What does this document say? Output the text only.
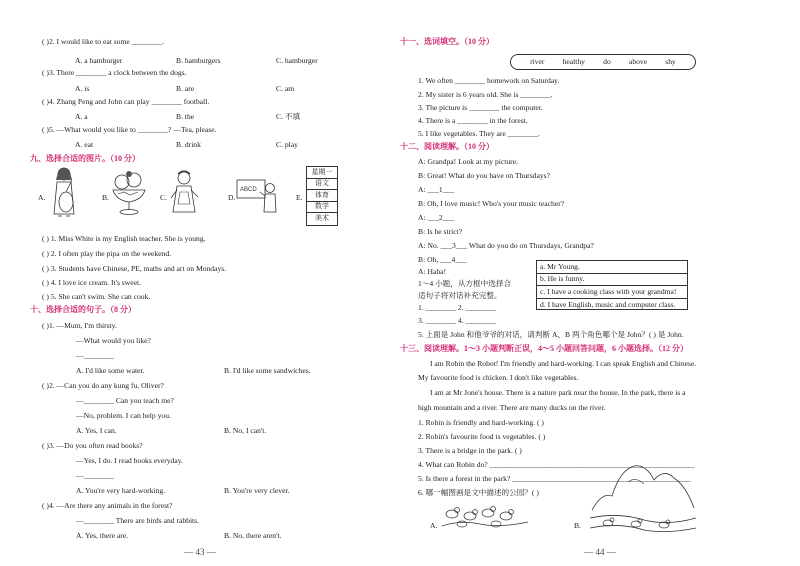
( )2. I would like to eat some ________.
A. a hamburger	B. hamburgers	C. hamburger
( )3. There ________ a clock between the dogs.
A. is	B. are	C. am
( )4. Zhang Peng and John can play ________ football.
A. a	B. the	C. 不填
( )5. —What would you like to ________? —Tea, please.
A. eat	B. drink	C. play
九、选择合适的图片。（10 分）
A.	B.	C.	D.
ABCD
E.
星期一
语文
体育
数学
美术
( ) 1. Miss White is my English teacher. She is young.
( ) 2. I often play the pipa on the weekend.
( ) 3. Students have Chinese, PE, maths and art on Mondays.
( ) 4. I love ice cream. It's sweet.
( ) 5. She can't swim. She can cook.
十、选择合适的句子。（8 分）
( )1. —Mum, I'm thirsty.
—What would you like?
—________
A. I'd like some water.	B. I'd like some sandwiches.
( )2. —Can you do any kung fu, Oliver?
—________ Can you teach me?
—No, problem. I can help you.
A. Yes, I can.	B. No, I can't.
( )3. —Do you often read books?
—Yes, I do. I read books everyday.
—________
A. You're very hard-working.	B. You're very clever.
( )4. —Are there any animals in the forest?
—________ There are birds and rabbits.
A. Yes, there are.	B. No, there aren't.
— 43 —
十一、选词填空。（10 分）
river healthy do above shy
1. We often ________ homework on Saturday.
2. My sister is 6 years old. She is ________.
3. The picture is ________ the computer.
4. There is a ________ in the forest.
5. I like vegetables. They are ________.
十二、阅读理解。（10 分）
A: Grandpa! Look at my picture.
B: Great! What do you have on Thursdays?
A: ___1___
B: Oh, I love music! Who's your music teacher?
A: ___2___
B: Is he strict?
A: No. ___3___ What do you do on Thursdays, Grandpa?
B: Oh, ___4___
A: Haha!
1～4 小题，从方框中选择合
适句子将对话补充完整。
1. ________ 2. ________
3. ________ 4. ________
a. Mr Young.
b. He is funny.
c. I have a cooking class with your grandma!
d. I have English, music and computer class.
5. 上面是 John 和他爷爷的对话，请判断 A、B 两个角色哪个是 John？( ) 是 John.
十三、阅读理解。1～3 小题判断正误，4～5 小题回答问题，6 小题选择。（12 分）
I am Robin the Robot! I'm friendly and hard-working. I can speak English and Chinese.
My favourite food is chicken. I don't like vegetables.
I am at Mr Jone's house. There is a nature park near the house. In the park, there is a
high mountain and a river. There are many ducks on the river.
1. Robin is friendly and hard-working. ( )
2. Robin's favourite food is vegetables. ( )
3. There is a bridge in the park. ( )
4. What can Robin do? ______________________________________________________
5. Is there a forest in the park? _______________________________________________
6. 哪一幅图画是文中描述的公园？( )
A.	B.
— 44 —
